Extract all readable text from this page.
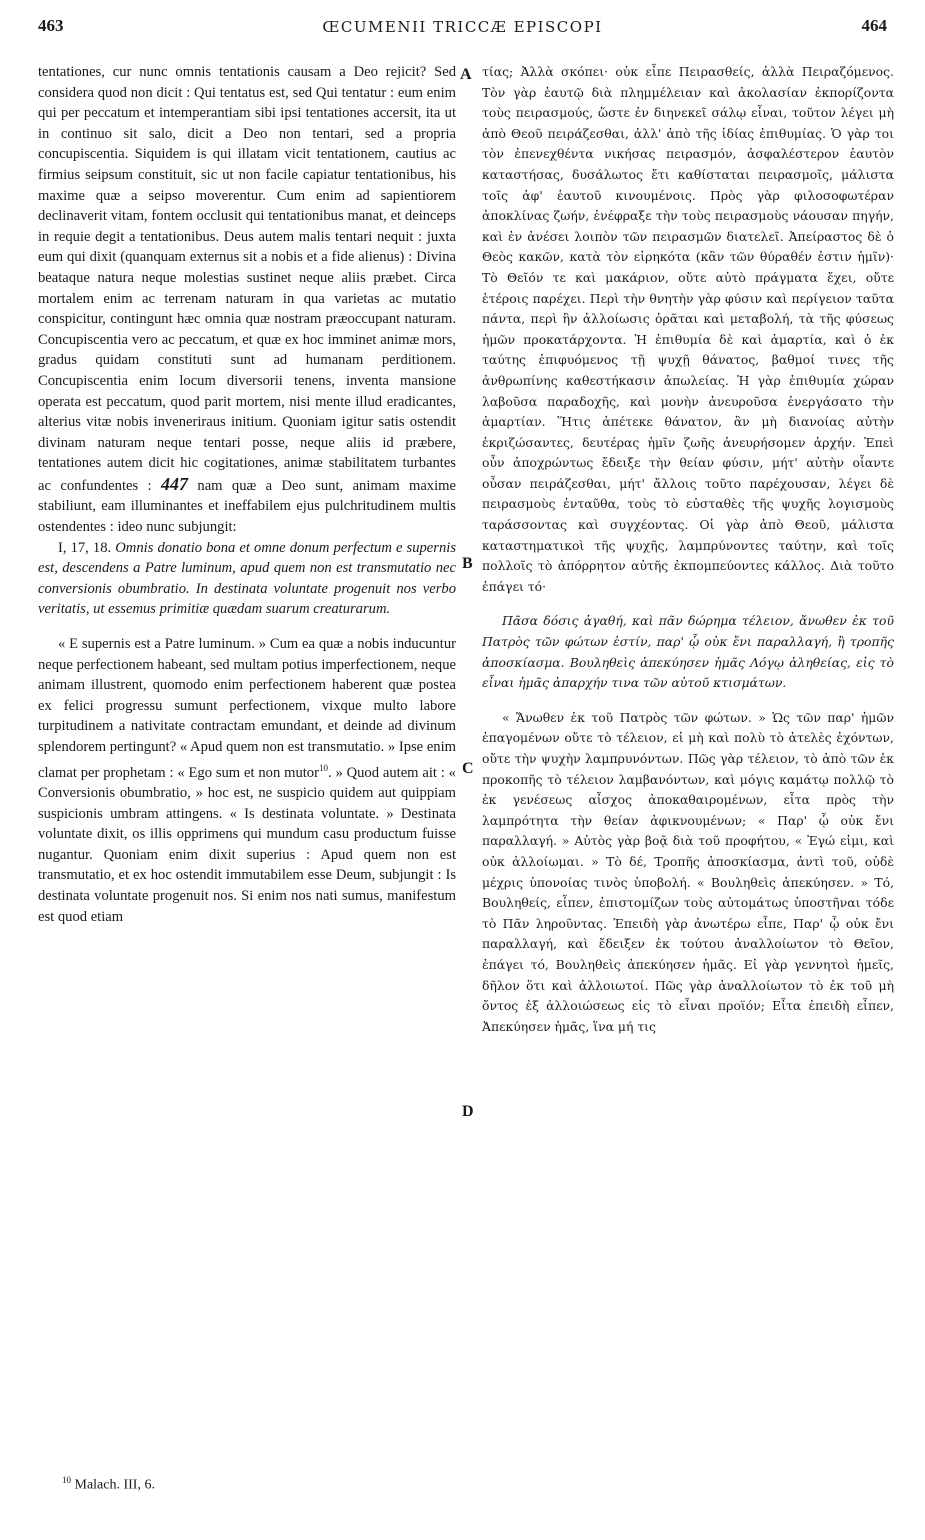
463	ŒCUMENII TRICCÆ EPISCOPI	464
A
B
C
D

tentationes, cur nunc omnis tentationis causam a Deo rejicit? Sed considera quod non dicit : Qui tentatus est, sed Qui tentatur : eum enim qui per peccatum et intemperantiam sibi ipsi tentationes accersit, ita ut in continuo sit salo, dicit a Deo non tentari, sed a propria concupiscentia. Siquidem is qui illatam vicit tentationem, cautius ac firmius seipsum constituit, sic ut non facile capiatur tentationibus, his maxime quæ a seipso moverentur. Cum enim ad sapientiorem declinaverit vitam, fontem occlusit qui tentationibus manat, et deinceps in requie degit a tentationibus. Deus autem malis tentari nequit : juxta eum qui dixit (quanquam externus sit a nobis et a fide alienus) : Divina beataque natura neque molestias sustinet neque aliis præbet. Circa mortalem enim ac terrenam naturam in qua varietas ac mutatio conspicitur, contingunt hæc omnia quæ nostram præoccupant naturam. Concupiscentia vero ac peccatum, et quæ ex hoc imminet animæ mors, gradus quidam constituti sunt ad humanam perditionem. Concupiscentia enim locum diversorii tenens, inventa mansione operata est peccatum, quod parit mortem, nisi mente illud eradicantes, alterius vitæ nobis inveneriraus initium. Quoniam igitur satis ostendit divinam naturam neque tentari posse, neque aliis id præbere, tentationes autem dicit hic cogitationes, animæ stabilitatem turbantes ac confundentes : 447 nam quæ a Deo sunt, animam maxime stabiliunt, eam illuminantes et ineffabilem ejus pulchritudinem multis ostendentes : ideo nunc subjungit:

I, 17, 18. Omnis donatio bona et omne donum perfectum e supernis est, descendens a Patre luminum, apud quem non est transmutatio nec conversionis obumbratio. In destinata voluntate progenuit nos verbo veritatis, ut essemus primitiæ quædam suarum creaturarum.

« E supernis est a Patre luminum. » Cum ea quæ a nobis inducuntur neque perfectionem habeant, sed multam potius imperfectionem, neque animam illustrent, quomodo enim perfectionem haberent quæ postea ex felici progressu sumunt perfectionem, vixque multo labore turpitudinem a nativitate contractam emundant, et deinde ad divinum splendorem pertingunt? « Apud quem non est transmutatio. » Ipse enim clamat per prophetam : « Ego sum et non mutor$^{10}$. » Quod autem ait : « Conversionis obumbratio, » hoc est, ne suspicio quidem aut quippiam suspicionis umbram attingens. « Is destinata voluntate. » Destinata voluntate dixit, os illis opprimens qui mundum casu productum fuisse nugantur. Quoniam enim dixit superius : Apud quem non est transmutatio, et ex hoc ostendit immutabilem esse Deum, subjungit : Is destinata voluntate progenuit nos. Si enim nos nati sumus, manifestum est quod etiam

τίας; Ἀλλὰ σκόπει· οὐκ εἶπε Πειρασθείς, ἀλλὰ Πειραζόμενος. Τὸν γὰρ ἑαυτῷ διὰ πλημμέλειαν καὶ ἀκολασίαν ἐκπορίζοντα τοὺς πειρασμούς, ὥστε ἐν διηνεκεῖ σάλῳ εἶναι, τοῦτον λέγει μὴ ἀπὸ Θεοῦ πειράζεσθαι, ἀλλ' ἀπὸ τῆς ἰδίας ἐπιθυμίας. Ὁ γὰρ τοι τὸν ἐπενεχθέντα νικήσας πειρασμόν, ἀσφαλέστερον ἑαυτὸν καταστήσας, δυσάλωτος ἔτι καθίσταται πειρασμοῖς, μάλιστα τοῖς ἀφ' ἑαυτοῦ κινουμένοις. Πρὸς γὰρ φιλοσοφωτέραν ἀποκλίνας ζωήν, ἐνέφραξε τὴν τοὺς πειρασμοὺς νάουσαν πηγήν, καὶ ἐν ἀνέσει λοιπὸν τῶν πειρασμῶν διατελεῖ. Ἀπείραστος δὲ ὁ Θεὸς κακῶν, κατὰ τὸν εἰρηκότα (κἂν τῶν θύραθέν ἐστιν ἡμῖν)· Τὸ Θεῖόν τε καὶ μακάριον, οὔτε αὐτὸ πράγματα ἔχει, οὔτε ἑτέροις παρέχει. Περὶ τὴν θνητὴν γὰρ φύσιν καὶ περίγειον ταῦτα πάντα, περὶ ἣν ἀλλοίωσις ὁρᾶται καὶ μεταβολή, τὰ τῆς φύσεως ἡμῶν προκατάρχοντα. Ἡ ἐπιθυμία δὲ καὶ ἁμαρτία, καὶ ὁ ἐκ ταύτης ἐπιφυόμενος τῇ ψυχῇ θάνατος, βαθμοί τινες τῆς ἀνθρωπίνης καθεστήκασιν ἀπωλείας. Ἡ γὰρ ἐπιθυμία χώραν λαβοῦσα παραδοχῆς, καὶ μονὴν ἀνευροῦσα ἐνεργάσατο τὴν ἁμαρτίαν. Ἥτις ἀπέτεκε θάνατον, ἂν μὴ διανοίας αὐτὴν ἐκριζώσαντες, δευτέρας ἡμῖν ζωῆς ἀνευρήσομεν ἀρχήν. Ἐπεὶ οὖν ἀποχρώντως ἔδειξε τὴν θείαν φύσιν, μήτ' αὐτὴν οἷαντε οὖσαν πειράζεσθαι, μήτ' ἄλλοις τοῦτο παρέχουσαν, λέγει δὲ πειρασμοὺς ἐνταῦθα, τοὺς τὸ εὐσταθὲς τῆς ψυχῆς λογισμοὺς ταράσσοντας καὶ συγχέοντας. Οἱ γὰρ ἀπὸ Θεοῦ, μάλιστα καταστηματικοὶ τῆς ψυχῆς, λαμπρύνοντες ταύτην, καὶ τοῖς πολλοῖς τὸ ἀπόρρητον αὐτῆς ἐκπομπεύοντες κάλλος. Διὰ τοῦτο ἐπάγει τό·

Πᾶσα δόσις ἀγαθή, καὶ πᾶν δώρημα τέλειον, ἄνωθεν ἐκ τοῦ Πατρὸς τῶν φώτων ἐστίν, παρ' ᾧ οὐκ ἔνι παραλλαγή, ἢ τροπῆς ἀποσκίασμα. Βουληθεὶς ἀπεκύησεν ἡμᾶς Λόγῳ ἀληθείας, εἰς τὸ εἶναι ἡμᾶς ἀπαρχήν τινα τῶν αὐτοῦ κτισμάτων.

« Ἄνωθεν ἐκ τοῦ Πατρὸς τῶν φώτων. » Ὡς τῶν παρ' ἡμῶν ἐπαγομένων οὔτε τὸ τέλειον, εἰ μὴ καὶ πολὺ τὸ ἀτελὲς ἐχόντων, οὔτε τὴν ψυχὴν λαμπρυνόντων. Πῶς γὰρ τέλειον, τὸ ἀπὸ τῶν ἐκ προκοπῆς τὸ τέλειον λαμβανόντων, καὶ μόγις καμάτῳ πολλῷ τὸ ἐκ γενέσεως αἶσχος ἀποκαθαιρομένων, εἶτα πρὸς τὴν λαμπρότητα τὴν θείαν ἀφικνουμένων; « Παρ' ᾧ οὐκ ἔνι παραλλαγή. » Αὐτὸς γὰρ βοᾷ διὰ τοῦ προφήτου, « Ἐγώ εἰμι, καὶ οὐκ ἀλλοίωμαι. » Τὸ δέ, Τροπῆς ἀποσκίασμα, ἀντὶ τοῦ, οὐδὲ μέχρις ὑπονοίας τινὸς ὑποβολή. « Βουληθεὶς ἀπεκύησεν. » Τό, Βουληθείς, εἶπεν, ἐπιστομίζων τοὺς αὐτομάτως ὑποστῆναι τόδε τὸ Πᾶν ληροῦντας. Ἐπειδὴ γὰρ ἀνωτέρω εἶπε, Παρ' ᾧ οὐκ ἔνι παραλλαγή, καὶ ἔδειξεν ἐκ τούτου ἀναλλοίωτον τὸ Θεῖον, ἐπάγει τό, Βουληθεὶς ἀπεκύησεν ἡμᾶς. Εἰ γὰρ γεννητοὶ ἡμεῖς, δῆλον ὅτι καὶ ἀλλοιωτοί. Πῶς γὰρ ἀναλλοίωτον τὸ ἐκ τοῦ μὴ ὄντος ἐξ ἀλλοιώσεως εἰς τὸ εἶναι προϊόν; Εἶτα ἐπειδὴ εἶπεν, Ἀπεκύησεν ἡμᾶς, ἵνα μή τις

$^{10}$ Malach. III, 6.
